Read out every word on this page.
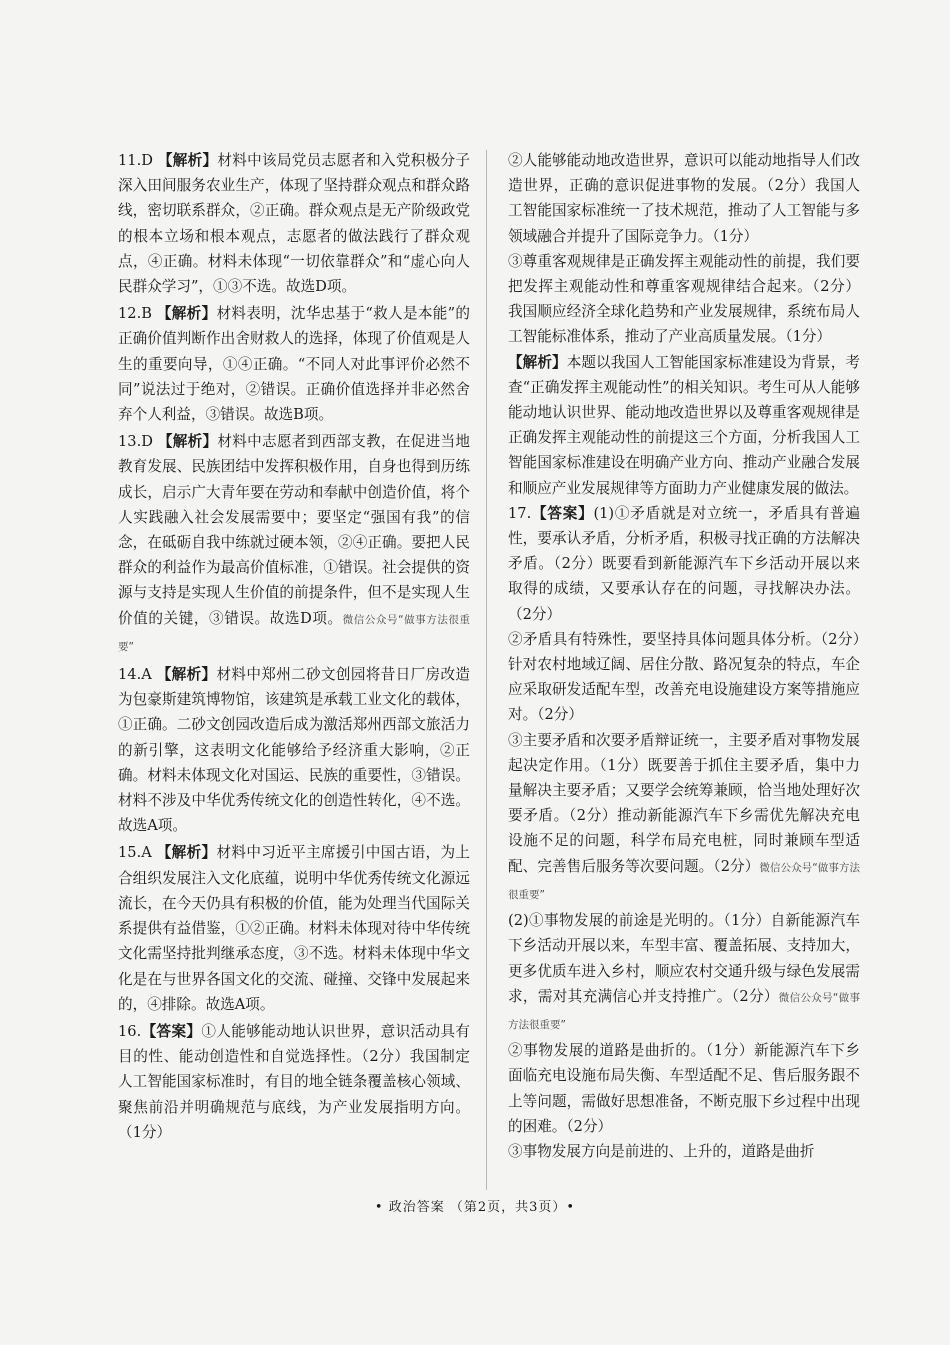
11.D 【解析】材料中该局党员志愿者和入党积极分子深入田间服务农业生产，体现了坚持群众观点和群众路线，密切联系群众，②正确。群众观点是无产阶级政党的根本立场和根本观点，志愿者的做法践行了群众观点，④正确。材料未体现“一切依靠群众”和“虚心向人民群众学习”，①③不选。故选D项。

12.B 【解析】材料表明，沈华忠基于“救人是本能”的正确价值判断作出舍财救人的选择，体现了价值观是人生的重要向导，①④正确。“不同人对此事评价必然不同”说法过于绝对，②错误。正确价值选择并非必然舍弃个人利益，③错误。故选B项。

13.D 【解析】材料中志愿者到西部支教，在促进当地教育发展、民族团结中发挥积极作用，自身也得到历练成长，启示广大青年要在劳动和奉献中创造价值，将个人实践融入社会发展需要中；要坚定“强国有我”的信念，在砥砺自我中练就过硬本领，②④正确。要把人民群众的利益作为最高价值标准，①错误。社会提供的资源与支持是实现人生价值的前提条件，但不是实现人生价值的关键，③错误。故选D项。微信公众号“做事方法很重要”

14.A 【解析】材料中郑州二砂文创园将昔日厂房改造为包豪斯建筑博物馆，该建筑是承载工业文化的载体，①正确。二砂文创园改造后成为激活郑州西部文旅活力的新引擎，这表明文化能够给予经济重大影响，②正确。材料未体现文化对国运、民族的重要性，③错误。材料不涉及中华优秀传统文化的创造性转化，④不选。故选A项。

15.A 【解析】材料中习近平主席援引中国古语，为上合组织发展注入文化底蕴，说明中华优秀传统文化源远流长，在今天仍具有积极的价值，能为处理当代国际关系提供有益借鉴，①②正确。材料未体现对待中华传统文化需坚持批判继承态度，③不选。材料未体现中华文化是在与世界各国文化的交流、碰撞、交锋中发展起来的，④排除。故选A项。

16.【答案】①人能够能动地认识世界，意识活动具有目的性、能动创造性和自觉选择性。（2分）我国制定人工智能国家标准时，有目的地全链条覆盖核心领域、聚焦前沿并明确规范与底线，为产业发展指明方向。（1分）

②人能够能动地改造世界，意识可以能动地指导人们改造世界，正确的意识促进事物的发展。（2分）我国人工智能国家标准统一了技术规范，推动了人工智能与多领域融合并提升了国际竞争力。（1分）

③尊重客观规律是正确发挥主观能动性的前提，我们要把发挥主观能动性和尊重客观规律结合起来。（2分）我国顺应经济全球化趋势和产业发展规律，系统布局人工智能标准体系，推动了产业高质量发展。（1分）

【解析】本题以我国人工智能国家标准建设为背景，考查“正确发挥主观能动性”的相关知识。考生可从人能够能动地认识世界、能动地改造世界以及尊重客观规律是正确发挥主观能动性的前提这三个方面，分析我国人工智能国家标准建设在明确产业方向、推动产业融合发展和顺应产业发展规律等方面助力产业健康发展的做法。

17.【答案】(1)①矛盾就是对立统一，矛盾具有普遍性，要承认矛盾，分析矛盾，积极寻找正确的方法解决矛盾。（2分）既要看到新能源汽车下乡活动开展以来取得的成绩，又要承认存在的问题，寻找解决办法。（2分）

②矛盾具有特殊性，要坚持具体问题具体分析。（2分）针对农村地域辽阔、居住分散、路况复杂的特点，车企应采取研发适配车型，改善充电设施建设方案等措施应对。（2分）

③主要矛盾和次要矛盾辩证统一，主要矛盾对事物发展起决定作用。（1分）既要善于抓住主要矛盾，集中力量解决主要矛盾；又要学会统筹兼顾，恰当地处理好次要矛盾。（2分）推动新能源汽车下乡需优先解决充电设施不足的问题，科学布局充电桩，同时兼顾车型适配、完善售后服务等次要问题。（2分）微信公众号“做事方法很重要”

(2)①事物发展的前途是光明的。（1分）自新能源汽车下乡活动开展以来，车型丰富、覆盖拓展、支持加大，更多优质车进入乡村，顺应农村交通升级与绿色发展需求，需对其充满信心并支持推广。（2分）微信公众号“做事方法很重要”

②事物发展的道路是曲折的。（1分）新能源汽车下乡面临充电设施布局失衡、车型适配不足、售后服务跟不上等问题，需做好思想准备，不断克服下乡过程中出现的困难。（2分）

③事物发展方向是前进的、上升的，道路是曲折

• 政治答案 （第2页，共3页）•
